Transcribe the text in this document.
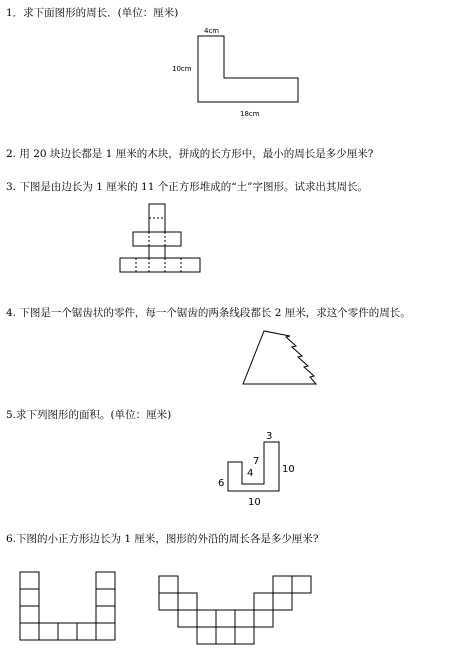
1．求下面图形的周长．(单位：厘米)
4cm
10cm
18cm
2. 用 20 块边长都是 1 厘米的木块，拼成的长方形中，最小的周长是多少厘米?
3. 下图是由边长为 1 厘米的 11 个正方形堆成的“土”字图形。试求出其周长。
4. 下图是一个锯齿状的零件，每一个锯齿的两条线段都长 2 厘米，求这个零件的周长。
5.求下列图形的面积。(单位：厘米)
3
7
4
6
10
10
6.下图的小正方形边长为 1 厘米，图形的外沿的周长各是多少厘米?
